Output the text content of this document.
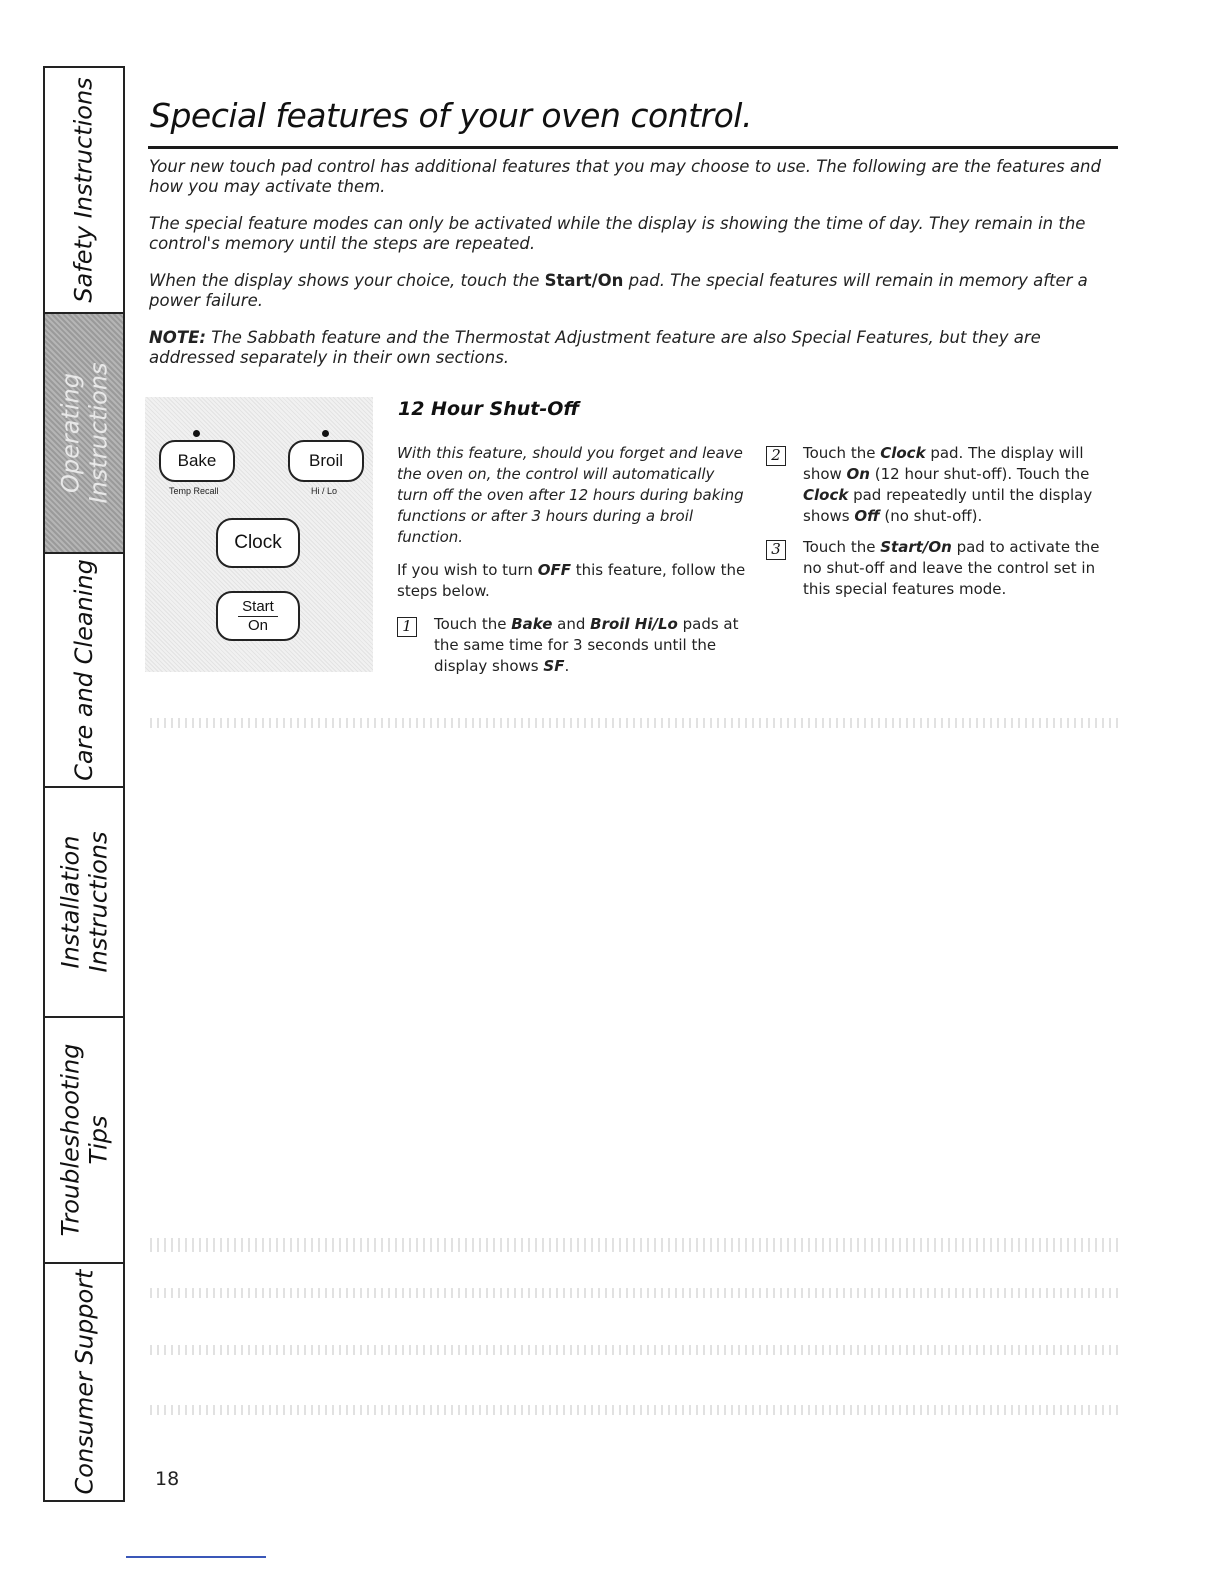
Safety Instructions
Operating Instructions
Care and Cleaning
Installation Instructions
Troubleshooting Tips
Consumer Support
Special features of your oven control.

Your new touch pad control has additional features that you may choose to use. The following are the features and how you may activate them.

The special feature modes can only be activated while the display is showing the time of day. They remain in the control's memory until the steps are repeated.

When the display shows your choice, touch the Start/On pad. The special features will remain in memory after a power failure.

NOTE: The Sabbath feature and the Thermostat Adjustment feature are also Special Features, but they are addressed separately in their own sections.

Bake	Broil
Temp Recall	Hi / Lo
Clock
Start
On
12 Hour Shut-Off

With this feature, should you forget and leave the oven on, the control will automatically turn off the oven after 12 hours during baking functions or after 3 hours during a broil function.

If you wish to turn OFF this feature, follow the steps below.

1	Touch the Bake and Broil Hi/Lo pads at the same time for 3 seconds until the display shows SF.
2	Touch the Clock pad. The display will show On (12 hour shut-off). Touch the Clock pad repeatedly until the display shows Off (no shut-off).
3	Touch the Start/On pad to activate the no shut-off and leave the control set in this special features mode.

18
